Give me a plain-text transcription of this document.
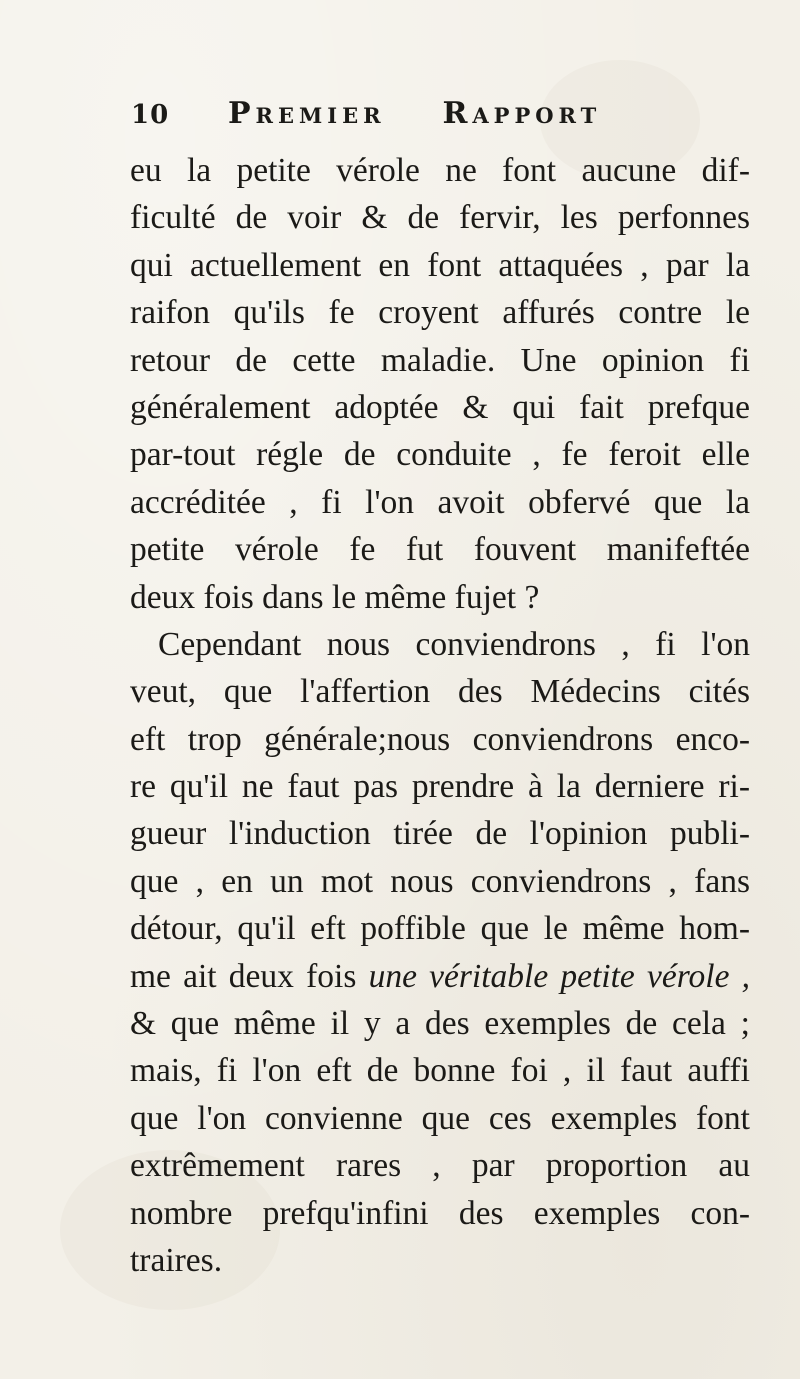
10 Premier Rapport
eu la petite vérole ne font aucune dif-
ficulté de voir & de fervir, les perfonnes
qui actuellement en font attaquées , par la
raifon qu'ils fe croyent affurés contre le
retour de cette maladie. Une opinion fi
généralement adoptée & qui fait prefque
par-tout régle de conduite , fe feroit elle
accréditée , fi l'on avoit obfervé que la
petite vérole fe fut fouvent manifeftée
deux fois dans le même fujet ?
Cependant nous conviendrons , fi l'on
veut, que l'affertion des Médecins cités
eft trop générale;nous conviendrons enco-
re qu'il ne faut pas prendre à la derniere ri-
gueur l'induction tirée de l'opinion publi-
que , en un mot nous conviendrons , fans
détour, qu'il eft poffible que le même hom-
me ait deux fois une véritable petite vérole ,
& que même il y a des exemples de cela ;
mais, fi l'on eft de bonne foi , il faut auffi
que l'on convienne que ces exemples font
extrêmement rares , par proportion au
nombre prefqu'infini des exemples con-
traires.
